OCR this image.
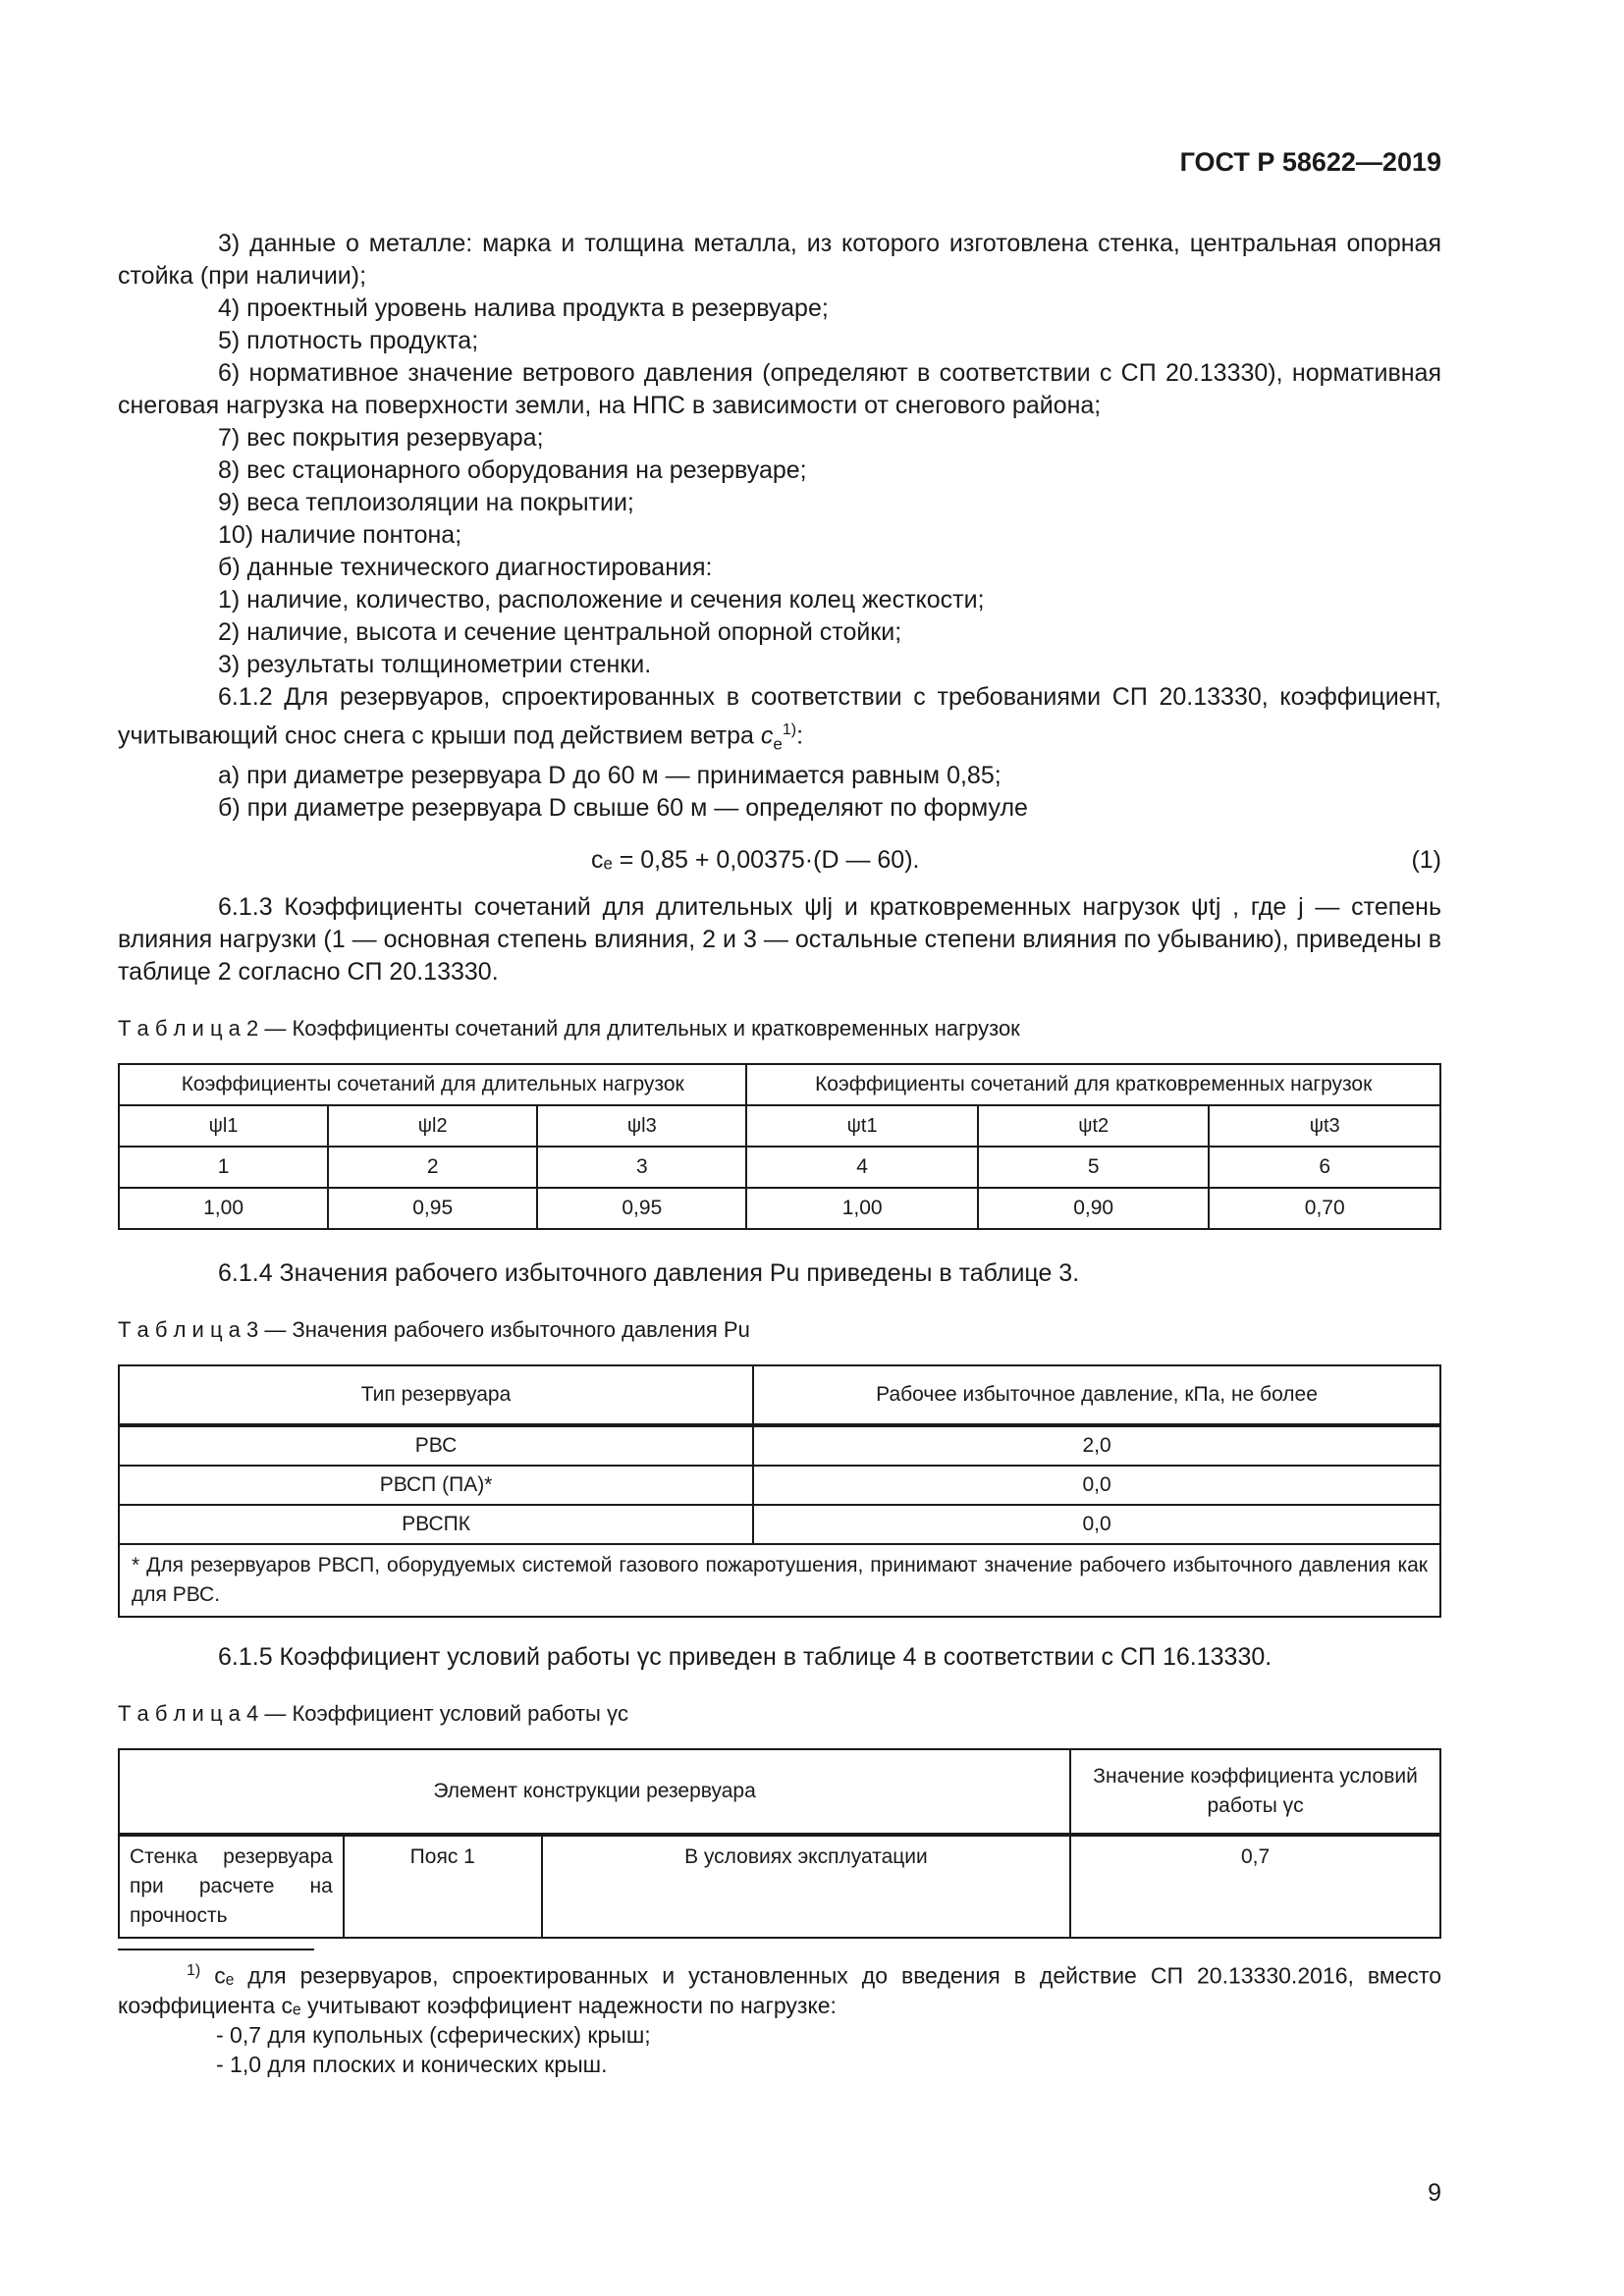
ГОСТ Р 58622—2019

3) данные о металле: марка и толщина металла, из которого изготовлена стенка, центральная опорная стойка (при наличии);

4) проектный уровень налива продукта в резервуаре;

5) плотность продукта;

6) нормативное значение ветрового давления (определяют в соответствии с СП 20.13330), нормативная снеговая нагрузка на поверхности земли, на НПС в зависимости от снегового района;

7) вес покрытия резервуара;

8) вес стационарного оборудования на резервуаре;

9) веса теплоизоляции на покрытии;

10) наличие понтона;

б) данные технического диагностирования:

1) наличие, количество, расположение и сечения колец жесткости;

2) наличие, высота и сечение центральной опорной стойки;

3) результаты толщинометрии стенки.

6.1.2 Для резервуаров, спроектированных в соответствии с требованиями СП 20.13330, коэффициент, учитывающий снос снега с крыши под действием ветра $c_e^{1)}$:

а) при диаметре резервуара D до 60 м — принимается равным 0,85;

б) при диаметре резервуара D свыше 60 м — определяют по формуле

cₑ = 0,85 + 0,00375·(D — 60).	(1)

6.1.3 Коэффициенты сочетаний для длительных ψlj и кратковременных нагрузок ψtj , где j — степень влияния нагрузки (1 — основная степень влияния, 2 и 3 — остальные степени влияния по убыванию), приведены в таблице 2 согласно СП 20.13330.

Т а б л и ц а 2 — Коэффициенты сочетаний для длительных и кратковременных нагрузок
Коэффициенты сочетаний для длительных нагрузок			Коэффициенты сочетаний для кратковременных нагрузок		
ψl1	ψl2	ψl3	ψt1	ψt2	ψt3
1	2	3	4	5	6
1,00	0,95	0,95	1,00	0,90	0,70

6.1.4 Значения рабочего избыточного давления Pu приведены в таблице 3.

Т а б л и ц а 3 — Значения рабочего избыточного давления Pu
Тип резервуара	Рабочее избыточное давление, кПа, не более
РВС	2,0
РВСП (ПА)*	0,0
РВСПК	0,0
* Для резервуаров РВСП, оборудуемых системой газового пожаротушения, принимают значение рабочего избыточного давления как для РВС.	

6.1.5 Коэффициент условий работы γc приведен в таблице 4 в соответствии с СП 16.13330.

Т а б л и ц а 4 — Коэффициент условий работы γc
Элемент конструкции резервуара			Значение коэффициента условий работы γc
Стенка резервуара при расчете на прочность	Пояс 1	В условиях эксплуатации	0,7

$^{1)}$ cₑ для резервуаров, спроектированных и установленных до введения в действие СП 20.13330.2016, вместо коэффициента cₑ учитывают коэффициент надежности по нагрузке:

- 0,7 для купольных (сферических) крыш;

- 1,0 для плоских и конических крыш.

9
